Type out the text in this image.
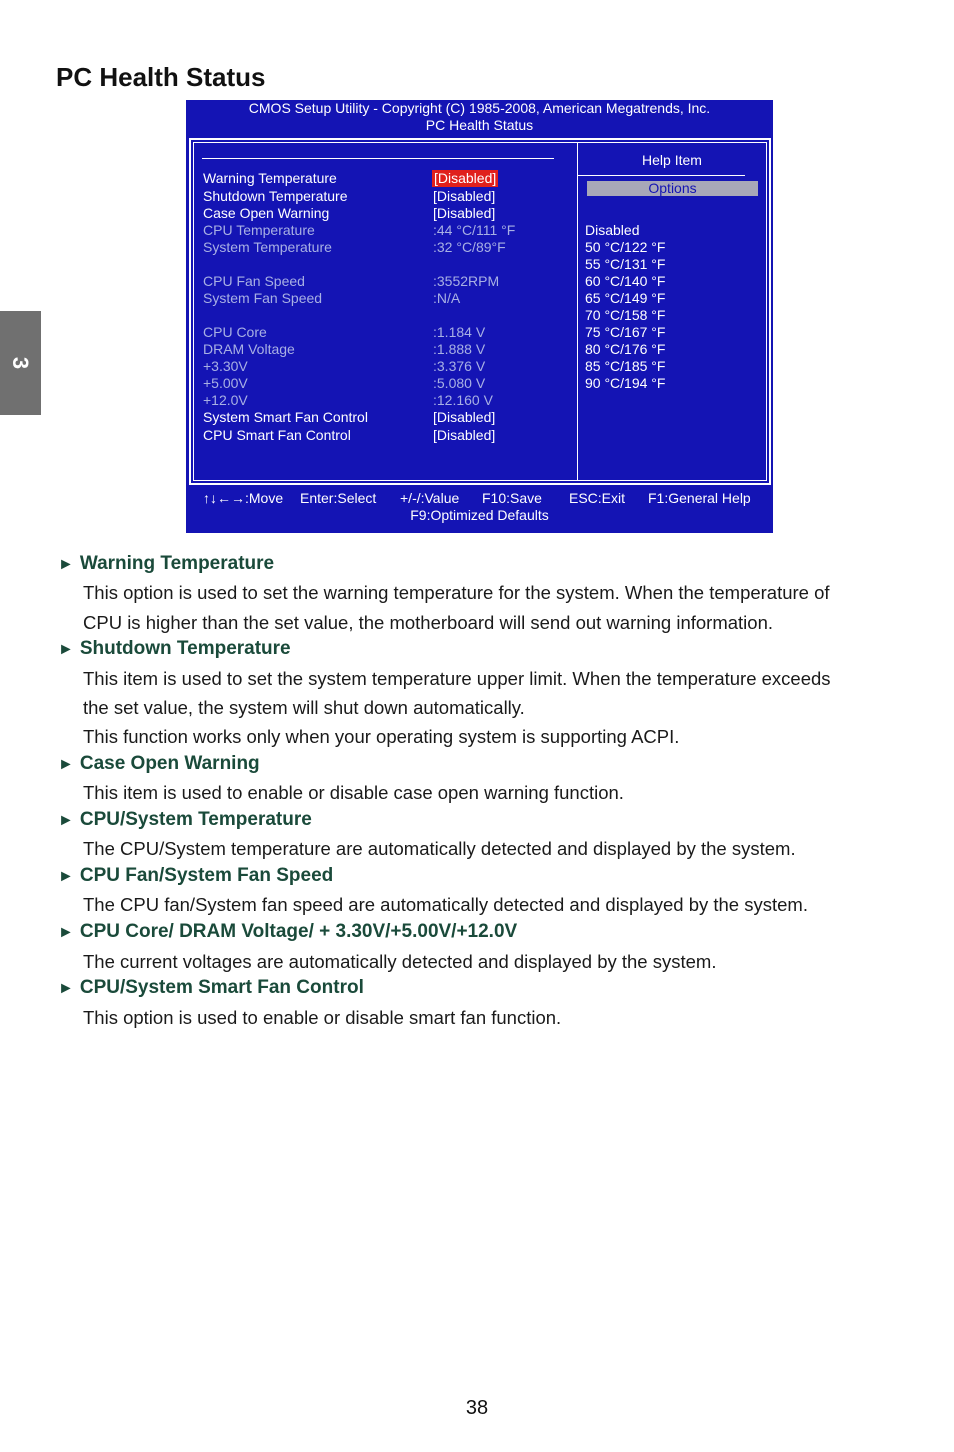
PC Health Status
3
CMOS Setup Utility - Copyright (C) 1985-2008, American Megatrends, Inc.
PC Health Status
Warning Temperature	[Disabled]
Shutdown Temperature	[Disabled]
Case Open Warning	[Disabled]
CPU Temperature	:44 °C/111 °F
System Temperature	:32 °C/89°F
CPU Fan Speed	:3552RPM
System Fan Speed	:N/A
CPU Core	:1.184 V
DRAM Voltage	:1.888 V
+3.30V	:3.376 V
+5.00V	:5.080 V
+12.0V	:12.160 V
System Smart Fan Control	[Disabled]
CPU Smart Fan Control	[Disabled]
Help Item
Options
Disabled
50 °C/122 °F
55 °C/131 °F
60 °C/140 °F
65 °C/149 °F
70 °C/158 °F
75 °C/167 °F
80 °C/176 °F
85 °C/185 °F
90 °C/194 °F
↑↓←→:Move Enter:Select +/-/:Value F10:Save ESC:Exit F1:General Help
F9:Optimized Defaults
► Warning Temperature

This option is used to set the warning temperature for the system. When the temperature of

CPU is higher than the set value, the motherboard will send out warning information.

► Shutdown Temperature

This item is used to set the system temperature upper limit. When the temperature exceeds

the set value, the system will shut down automatically.

This function works only when your operating system is supporting ACPI.

► Case Open Warning

This item is used to enable or disable case open warning function.

► CPU/System Temperature

The CPU/System temperature are automatically detected and displayed by the system.

► CPU Fan/System Fan Speed

The CPU fan/System fan speed are automatically detected and displayed by the system.

► CPU Core/ DRAM Voltage/ + 3.30V/+5.00V/+12.0V

The current voltages are automatically detected and displayed by the system.

► CPU/System Smart Fan Control

This option is used to enable or disable smart fan function.

38
